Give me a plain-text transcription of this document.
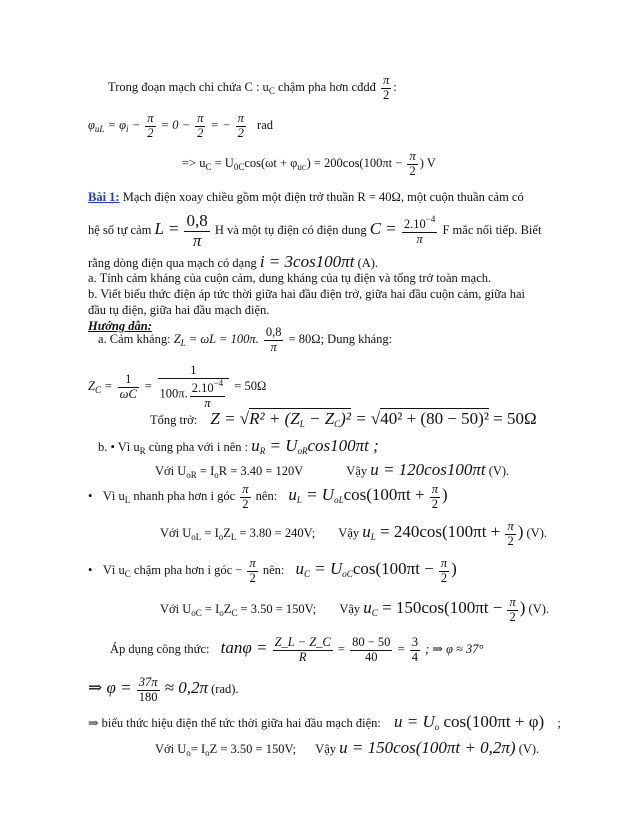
Trong đoạn mạch chỉ chứa C : $u_C$ chậm pha hơn cđdđ $\frac{\pi}{2}$ :
$\varphi_{uL} = \varphi_i - \frac{\pi}{2} = 0 - \frac{\pi}{2}$ = − $\frac{\pi}{2}$ rad
=> $u_C = U_{0C}\cos(\omega t + \varphi_{uC}) = 200\cos(100\pi t - \frac{\pi}{2}$ ) V
Bài 1: Mạch điện xoay chiều gồm một điện trở thuần R = 40Ω, một cuộn thuần cảm có
hệ số tự cảm $L = \frac{0,8}{\pi}$ H và một tụ điện có điện dung $C = \frac{2.10^{-4}}{\pi}$ F mắc nối tiếp. Biết
rằng dòng điện qua mạch có dạng i = 3cos100πt (A).
a. Tính cảm kháng của cuộn cảm, dung kháng của tụ điện và tổng trở toàn mạch.
b. Viết biểu thức điện áp tức thời giữa hai đầu điện trở, giữa hai đầu cuộn cảm, giữa hai
đầu tụ điện, giữa hai đầu mạch điện.
Hướng dẫn:
a. Cảm kháng: $Z_L = \omega L = 100\pi$. $\frac{0,8}{\pi} = 80\Omega$; Dung kháng:
$Z_C = \frac{1}{\omega C} = \frac{1}{100\pi. \frac{2.10^{-4}}{\pi}} = 50\Omega$
Tổng trở: $Z = √R^2 + (Z_L - Z_C)^2 = √40^2 + (80 - 50)^2 = 50\Omega$
b. • Vì $u_R$ cùng pha với i nên : $u_R = U_{oR}\cos 100\pi t$ ;
Với $U_{oR} = I_oR = 3.40 = 120V$	Vậy u = 120cos100πt (V).
• Vì $u_L$ nhanh pha hơn i góc $\frac{\pi}{2}$ nên: $u_L = U_{oL}\cos(100\pi t + \frac{\pi}{2}$ )
Với $U_{oL} = I_oZ_L = 3.80 = 240V$; Vậy $u_L = 240\cos(100\pi t + \frac{\pi}{2}$ ) (V).
• Vì $u_C$ chậm pha hơn i góc − $\frac{\pi}{2}$ nên: $u_C = U_{oC}\cos(100\pi t - \frac{\pi}{2}$ )
Với $U_{oC} = I_oZ_C = 3.50 = 150V$; Vậy $u_C = 150\cos(100\pi t - \frac{\pi}{2}$ ) (V).
Áp dụng công thức: $\tan\varphi = \frac{Z\_L - Z\_C}{R} = \frac{80 - 50}{40} = \frac{3}{4}$ ; ⇒ φ ≈ 37°
⇒ $\varphi = \frac{37\pi}{180} \approx 0,2\pi$ (rad).
⇒ biểu thức hiệu điện thế tức thời giữa hai đầu mạch điện: $u = U_o$ cos(100πt + φ) ;
Với $U_o= I_oZ = 3.50 = 150V$; Vậy u = 150cos(100πt + 0,2π) (V).
